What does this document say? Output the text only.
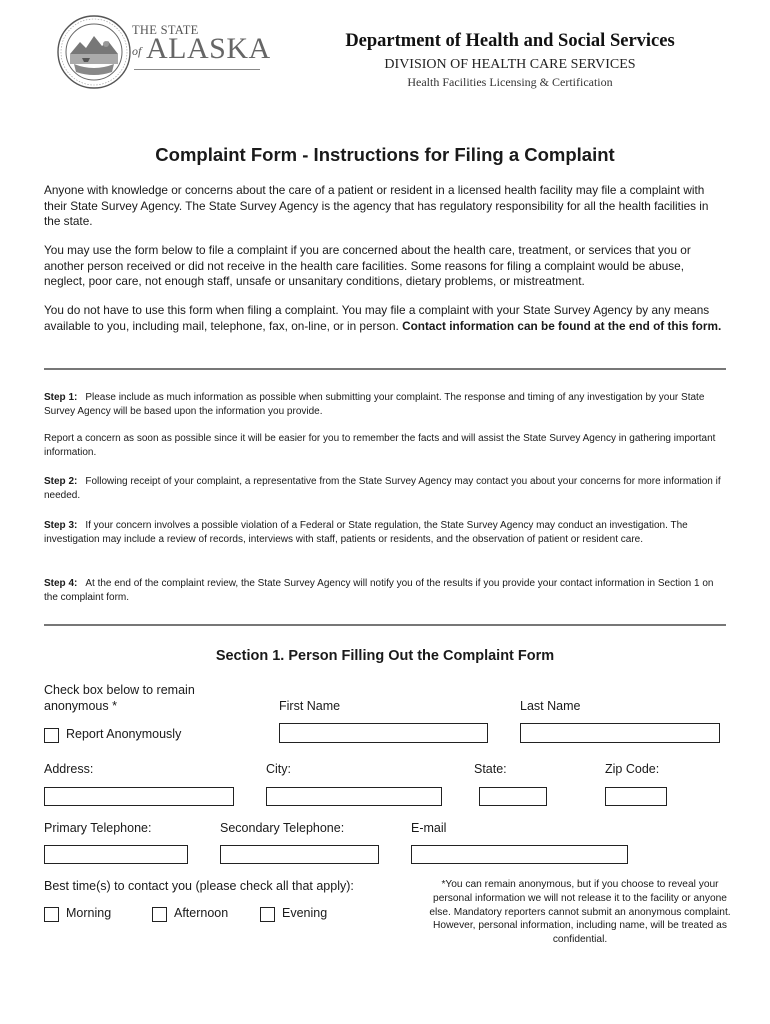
THE STATE
of ALASKA	Department of Health and Social Services
DIVISION OF HEALTH CARE SERVICES
Health Facilities Licensing & Certification
Complaint Form - Instructions for Filing a Complaint
Anyone with knowledge or concerns about the care of a patient or resident in a licensed health facility may file a complaint with their State Survey Agency. The State Survey Agency is the agency that has regulatory responsibility for all the health facilities in the state.
You may use the form below to file a complaint if you are concerned about the health care, treatment, or services that you or another person received or did not receive in the health care facilities. Some reasons for filing a complaint would be abuse, neglect, poor care, not enough staff, unsafe or unsanitary conditions, dietary problems, or mistreatment.
You do not have to use this form when filing a complaint. You may file a complaint with your State Survey Agency by any means available to you, including mail, telephone, fax, on-line, or in person. Contact information can be found at the end of this form.
Step 1: Please include as much information as possible when submitting your complaint. The response and timing of any investigation by your State Survey Agency will be based upon the information you provide.
Report a concern as soon as possible since it will be easier for you to remember the facts and will assist the State Survey Agency in gathering important information.
Step 2: Following receipt of your complaint, a representative from the State Survey Agency may contact you about your concerns for more information if needed.
Step 3: If your concern involves a possible violation of a Federal or State regulation, the State Survey Agency may conduct an investigation. The investigation may include a review of records, interviews with staff, patients or residents, and the observation of patient or resident care.
Step 4: At the end of the complaint review, the State Survey Agency will notify you of the results if you provide your contact information in Section 1 on the complaint form.
Section 1. Person Filling Out the Complaint Form
Check box below to remain
anonymous *	First Name	Last Name
Report Anonymously
Address:	City:	State:	Zip Code:
Primary Telephone:	Secondary Telephone:	E-mail
Best time(s) to contact you (please check all that apply):
Morning	Afternoon	Evening
*You can remain anonymous, but if you choose to reveal your personal information we will not release it to the facility or anyone else. Mandatory reporters cannot submit an anonymous complaint. However, personal information, including name, will be treated as confidential.
